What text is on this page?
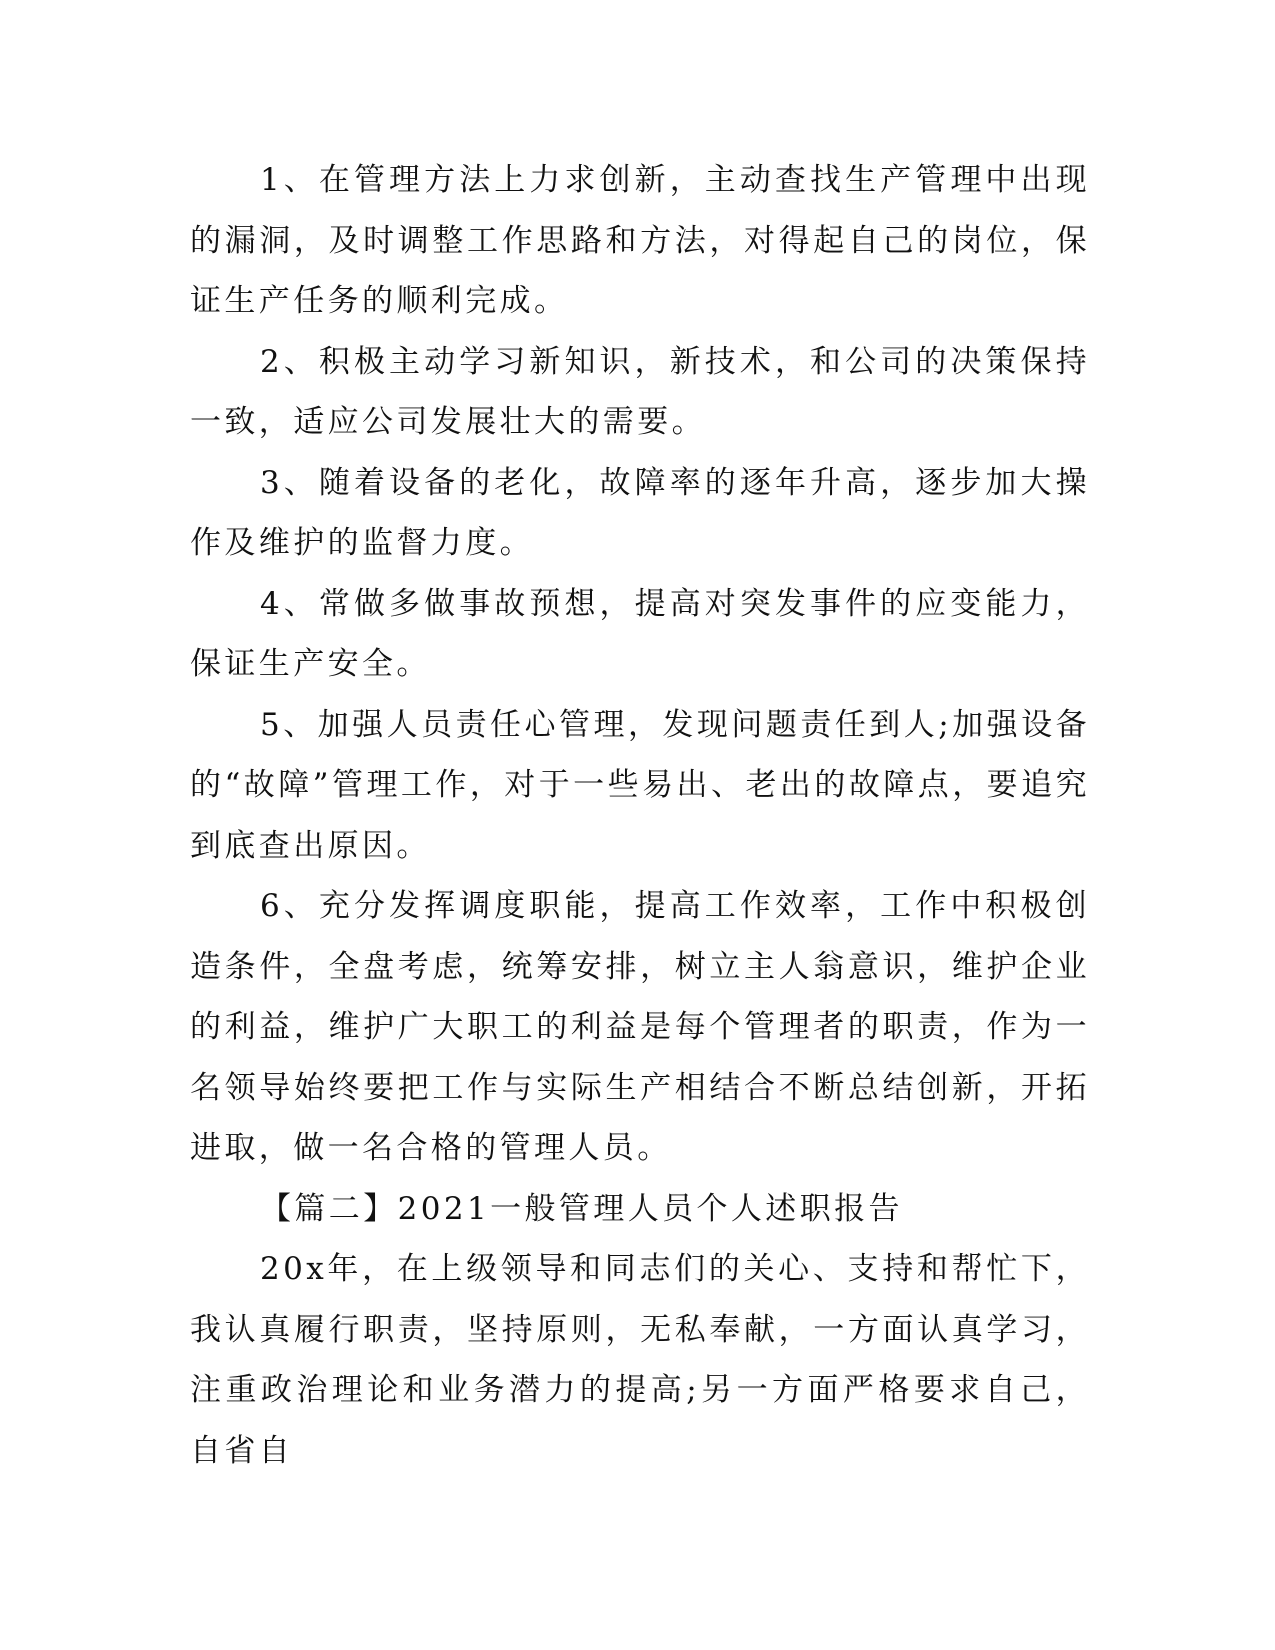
1、在管理方法上力求创新，主动查找生产管理中出现的漏洞，及时调整工作思路和方法，对得起自己的岗位，保证生产任务的顺利完成。

2、积极主动学习新知识，新技术，和公司的决策保持一致，适应公司发展壮大的需要。

3、随着设备的老化，故障率的逐年升高，逐步加大操作及维护的监督力度。

4、常做多做事故预想，提高对突发事件的应变能力，保证生产安全。

5、加强人员责任心管理，发现问题责任到人;加强设备的“故障”管理工作，对于一些易出、老出的故障点，要追究到底查出原因。

6、充分发挥调度职能，提高工作效率，工作中积极创造条件，全盘考虑，统筹安排，树立主人翁意识，维护企业的利益，维护广大职工的利益是每个管理者的职责，作为一名领导始终要把工作与实际生产相结合不断总结创新，开拓进取，做一名合格的管理人员。

【篇二】2021一般管理人员个人述职报告

20x年，在上级领导和同志们的关心、支持和帮忙下，我认真履行职责，坚持原则，无私奉献，一方面认真学习，注重政治理论和业务潜力的提高;另一方面严格要求自己，自省自
